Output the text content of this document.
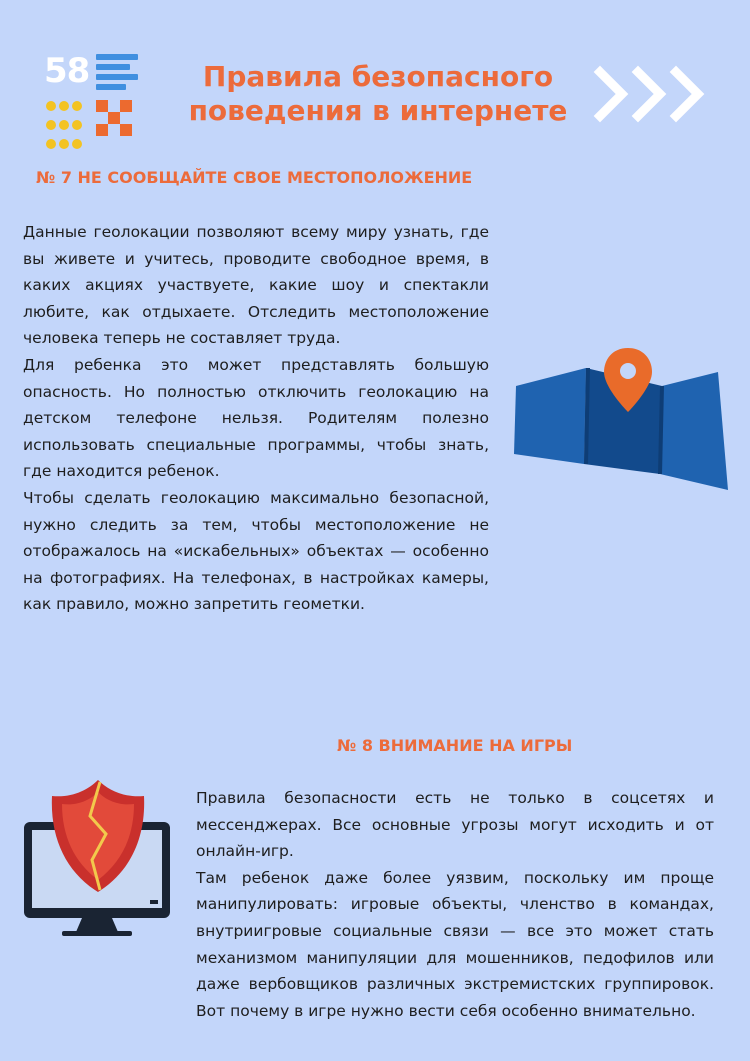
58	Правила безопасного
поведения в интернете
№ 7 НЕ СООБЩАЙТЕ СВОЕ МЕСТОПОЛОЖЕНИЕ

Данные геолокации позволяют всему миру узнать, где вы живете и учитесь, проводите свободное время, в каких акциях участвуете, какие шоу и спектакли любите, как отдыхаете. Отследить местоположение человека теперь не составляет труда.

Для ребенка это может представлять большую опасность. Но полностью отключить геолокацию на детском телефоне нельзя. Родителям полезно использовать специальные программы, чтобы знать, где находится ребенок.

Чтобы сделать геолокацию максимально безопасной, нужно следить за тем, чтобы местоположение не отображалось на «искабельных» объектах — особенно на фотографиях. На телефонах, в настройках камеры, как правило, можно запретить геометки.

№ 8 ВНИМАНИЕ НА ИГРЫ

Правила безопасности есть не только в соцсетях и мессенджерах. Все основные угрозы могут исходить и от онлайн-игр.

Там ребенок даже более уязвим, поскольку им проще манипулировать: игровые объекты, членство в командах, внутриигровые социальные связи — все это может стать механизмом манипуляции для мошенников, педофилов или даже вербовщиков различных экстремистских группировок. Вот почему в игре нужно вести себя особенно внимательно.
